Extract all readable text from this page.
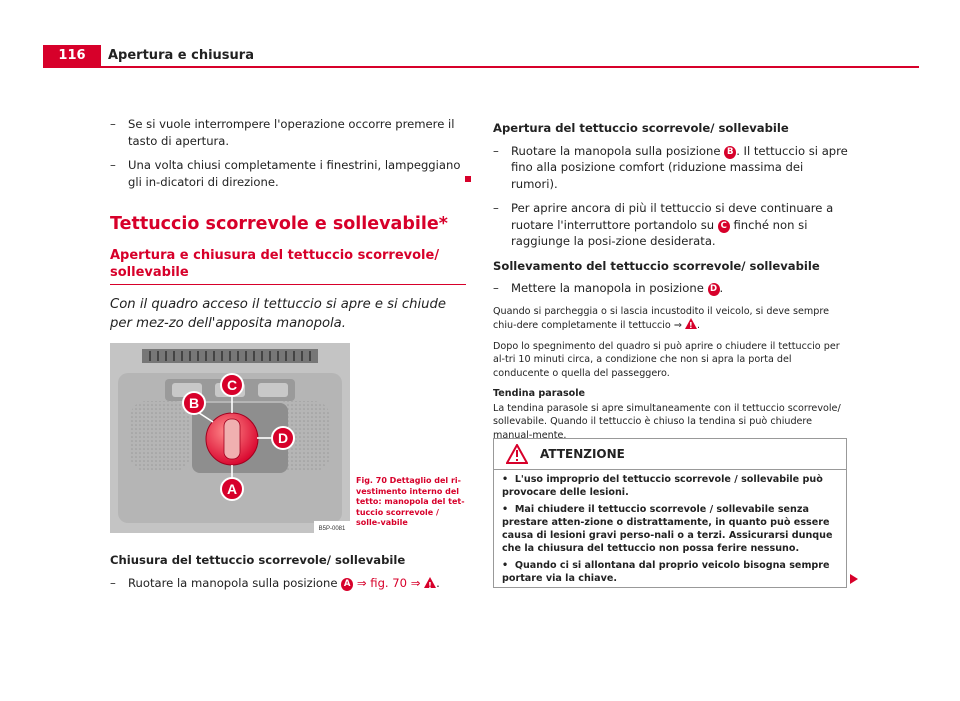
116	Apertura e chiusura
–	Se si vuole interrompere l'operazione occorre premere il tasto di apertura.
–	Una volta chiusi completamente i finestrini, lampeggiano gli in-dicatori di direzione.
Tettuccio scorrevole e sollevabile*
Apertura e chiusura del tettuccio scorrevole/ sollevabile
Con il quadro acceso il tettuccio si apre e si chiude per mez-zo dell'apposita manopola.
B
C
D
A
B5P-0081
Fig. 70 Dettaglio del ri-vestimento interno del tetto: manopola del tet-tuccio scorrevole / solle-vabile
Chiusura del tettuccio scorrevole/ sollevabile
–	Ruotare la manopola sulla posizione A ⇒ fig. 70 ⇒ ! .
Apertura del tettuccio scorrevole/ sollevabile
–	Ruotare la manopola sulla posizione B . Il tettuccio si apre fino alla posizione comfort (riduzione massima dei rumori).
–	Per aprire ancora di più il tettuccio si deve continuare a ruotare l'interruttore portandolo su C finché non si raggiunge la posi-zione desiderata.
Sollevamento del tettuccio scorrevole/ sollevabile
–	Mettere la manopola in posizione D .
Quando si parcheggia o si lascia incustodito il veicolo, si deve sempre chiu-dere completamente il tettuccio ⇒ ! .
Dopo lo spegnimento del quadro si può aprire o chiudere il tettuccio per al-tri 10 minuti circa, a condizione che non si apra la porta del conducente o quella del passeggero.
Tendina parasole
La tendina parasole si apre simultaneamente con il tettuccio scorrevole/ sollevabile. Quando il tettuccio è chiuso la tendina si può chiudere manual-mente.
ATTENZIONE

•  L'uso improprio del tettuccio scorrevole / sollevabile può provocare delle lesioni.

•  Mai chiudere il tettuccio scorrevole / sollevabile senza prestare atten-zione o distrattamente, in quanto può essere causa di lesioni gravi perso-nali o a terzi. Assicurarsi dunque che la chiusura del tettuccio non possa ferire nessuno.

•  Quando ci si allontana dal proprio veicolo bisogna sempre portare via la chiave.
